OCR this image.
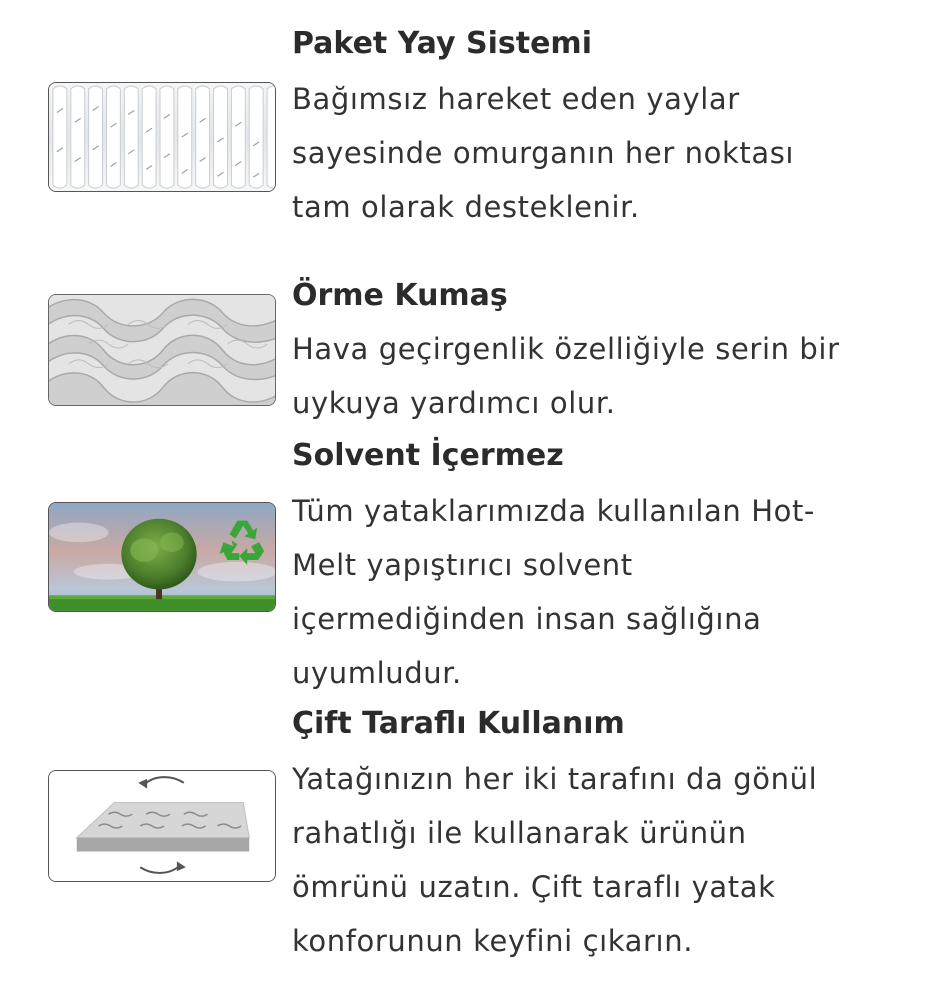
Paket Yay Sistemi
Bağımsız hareket eden yaylar
sayesinde omurganın her noktası
tam olarak desteklenir.
Örme Kumaş
Hava geçirgenlik özelliğiyle serin bir
uykuya yardımcı olur.
Solvent İçermez
Tüm yataklarımızda kullanılan Hot-
Melt yapıştırıcı solvent
içermediğinden insan sağlığına
uyumludur.
Çift Taraflı Kullanım
Yatağınızın her iki tarafını da gönül
rahatlığı ile kullanarak ürünün
ömrünü uzatın. Çift taraflı yatak
konforunun keyfini çıkarın.
